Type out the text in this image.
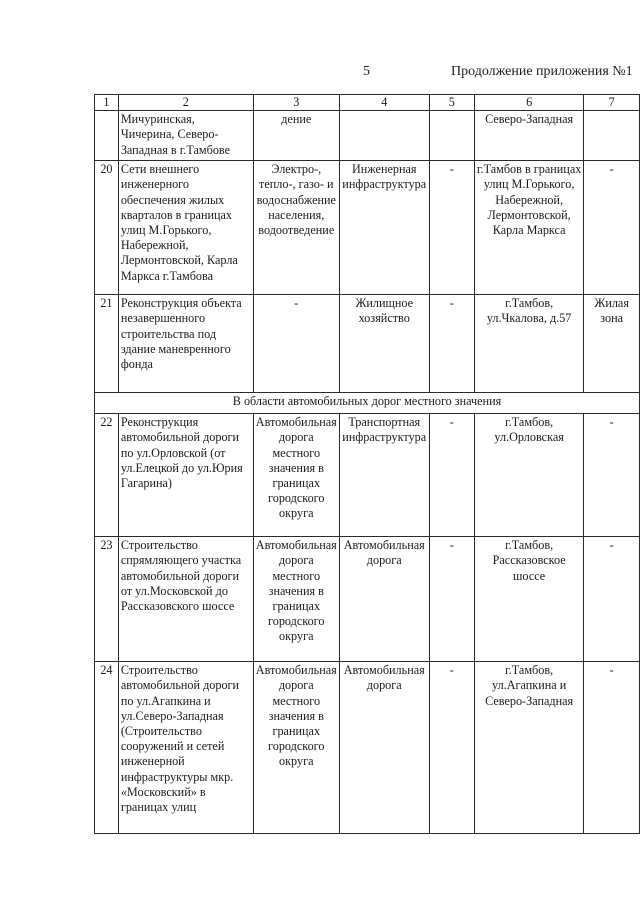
5	Продолжение приложения №1
1	2	3	4	5	6	7
	Мичуринская, Чичерина, Северо-Западная в г.Тамбове	дение			Северо-Западная	
20	Сети внешнего инженерного обеспечения жилых кварталов в границах улиц М.Горького, Набережной, Лермонтовской, Карла Маркса г.Тамбова	Электро-, тепло-, газо- и водоснабжение населения, водоотведение	Инженерная инфраструктура	-	г.Тамбов в границах улиц М.Горького, Набережной, Лермонтовской, Карла Маркса	-
21	Реконструкция объекта незавершенного строительства под здание маневренного фонда	-	Жилищное хозяйство	-	г.Тамбов, ул.Чкалова, д.57	Жилая зона
В области автомобильных дорог местного значения						
22	Реконструкция автомобильной дороги по ул.Орловской (от ул.Елецкой до ул.Юрия Гагарина)	Автомобильная дорога местного значения в границах городского округа	Транспортная инфраструктура	-	г.Тамбов, ул.Орловская	-
23	Строительство спрямляющего участка автомобильной дороги от ул.Московской до Рассказовского шоссе	Автомобильная дорога местного значения в границах городского округа	Автомобильная дорога	-	г.Тамбов, Рассказовское шоссе	-
24	Строительство автомобильной дороги по ул.Агапкина и ул.Северо-Западная (Строительство сооружений и сетей инженерной инфраструктуры мкр. «Московский» в границах улиц	Автомобильная дорога местного значения в границах городского округа	Автомобильная дорога	-	г.Тамбов, ул.Агапкина и Северо-Западная	-
